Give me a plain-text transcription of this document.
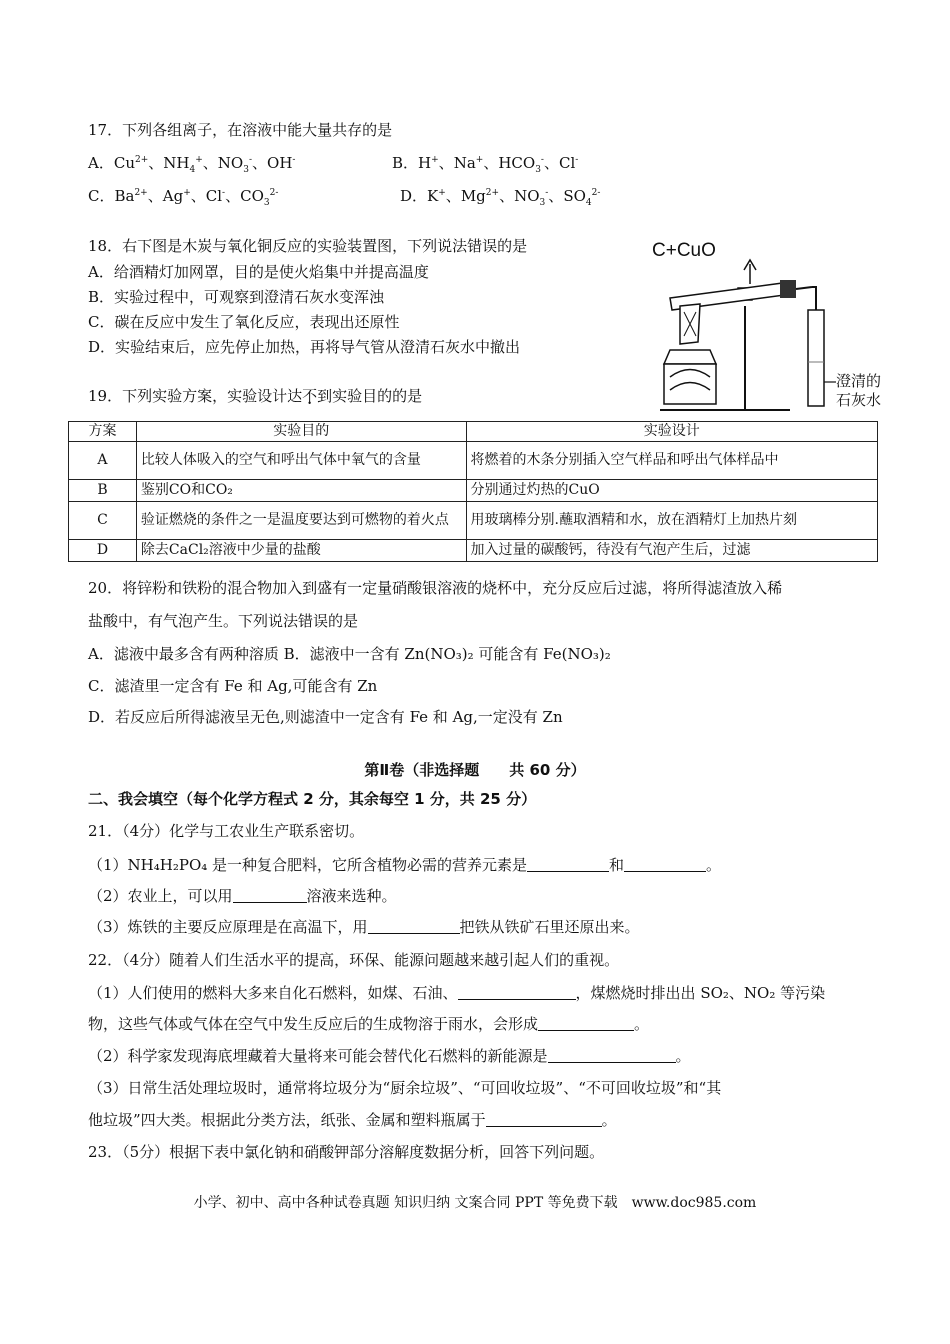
17．下列各组离子，在溶液中能大量共存的是
A．$Cu^{2+}$、$NH_4^+$、$NO_3^-$、OH-	B．H+、Na+、$HCO_3^-$、Cl-
C．$Ba^{2+}$、Ag+、Cl-、$CO_3^{2-}$	D．K+、$Mg^{2+}$、$NO_3^-$、$SO_4^{2-}$
18．右下图是木炭与氧化铜反应的实验装置图，下列说法错误的是
A．给酒精灯加网罩，目的是使火焰集中并提高温度
B．实验过程中，可观察到澄清石灰水变浑浊
C．碳在反应中发生了氧化反应，表现出还原性
D．实验结束后，应先停止加热，再将导气管从澄清石灰水中撤出
C+CuO
澄清的
石灰水
19．下列实验方案，实验设计达不到实验目的的是
方案	实验目的	实验设计
A	比较人体吸入的空气和呼出气体中氧气的含量	将燃着的木条分别插入空气样品和呼出气体样品中
B	鉴别CO和CO₂	分别通过灼热的CuO
C	验证燃烧的条件之一是温度要达到可燃物的着火点	用玻璃棒分别.蘸取酒精和水，放在酒精灯上加热片刻
D	除去CaCl₂溶液中少量的盐酸	加入过量的碳酸钙，待没有气泡产生后，过滤
20．将锌粉和铁粉的混合物加入到盛有一定量硝酸银溶液的烧杯中，充分反应后过滤，将所得滤渣放入稀
盐酸中，有气泡产生。下列说法错误的是
A．滤液中最多含有两种溶质 B．滤液中一含有 Zn(NO₃)₂ 可能含有 Fe(NO₃)₂
C．滤渣里一定含有 Fe 和 Ag,可能含有 Zn
D．若反应后所得滤液呈无色,则滤渣中一定含有 Fe 和 Ag,一定没有 Zn
第Ⅱ卷（非选择题　　共 60 分）
二、我会填空（每个化学方程式 2 分，其余每空 1 分，共 25 分）
21．（4分）化学与工农业生产联系密切。
（1）NH₄H₂PO₄ 是一种复合肥料，它所含植物必需的营养元素是	和	。
（2）农业上，可以用	溶液来选种。
（3）炼铁的主要反应原理是在高温下，用	把铁从铁矿石里还原出来。
22．（4分）随着人们生活水平的提高，环保、能源问题越来越引起人们的重视。
（1）人们使用的燃料大多来自化石燃料，如煤、石油、	，煤燃烧时排出出 SO₂、NO₂ 等污染
物，这些气体或气体在空气中发生反应后的生成物溶于雨水，会形成	。
（2）科学家发现海底埋藏着大量将来可能会替代化石燃料的新能源是	。
（3）日常生活处理垃圾时，通常将垃圾分为“厨余垃圾”、“可回收垃圾”、“不可回收垃圾”和“其
他垃圾”四大类。根据此分类方法，纸张、金属和塑料瓶属于	。
23．（5分）根据下表中氯化钠和硝酸钾部分溶解度数据分析，回答下列问题。
小学、初中、高中各种试卷真题 知识归纳 文案合同 PPT 等免费下载　www.doc985.com
